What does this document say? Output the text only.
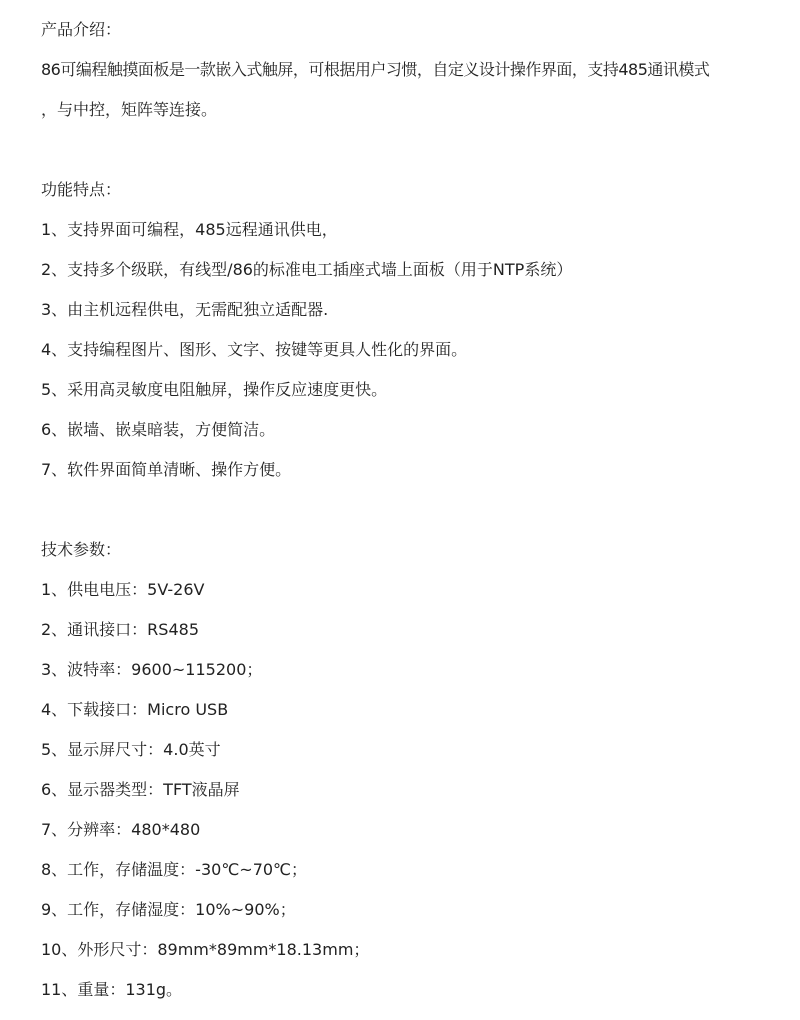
产品介绍：
86可编程触摸面板是一款嵌入式触屏，可根据用户习惯，自定义设计操作界面，支持485通讯模式
，与中控，矩阵等连接。
功能特点：
1、支持界面可编程，485远程通讯供电，
2、支持多个级联，有线型/86的标准电工插座式墙上面板（用于NTP系统）
3、由主机远程供电，无需配独立适配器.
4、支持编程图片、图形、文字、按键等更具人性化的界面。
5、采用高灵敏度电阻触屏，操作反应速度更快。
6、嵌墙、嵌桌暗装，方便简洁。
7、软件界面简单清晰、操作方便。
技术参数：
1、供电电压：5V-26V
2、通讯接口：RS485
3、波特率：9600~115200；
4、下载接口：Micro USB
5、显示屏尺寸：4.0英寸
6、显示器类型：TFT液晶屏
7、分辨率：480*480
8、工作，存储温度：-30℃~70℃；
9、工作，存储湿度：10%~90%；
10、外形尺寸：89mm*89mm*18.13mm；
11、重量：131g。
